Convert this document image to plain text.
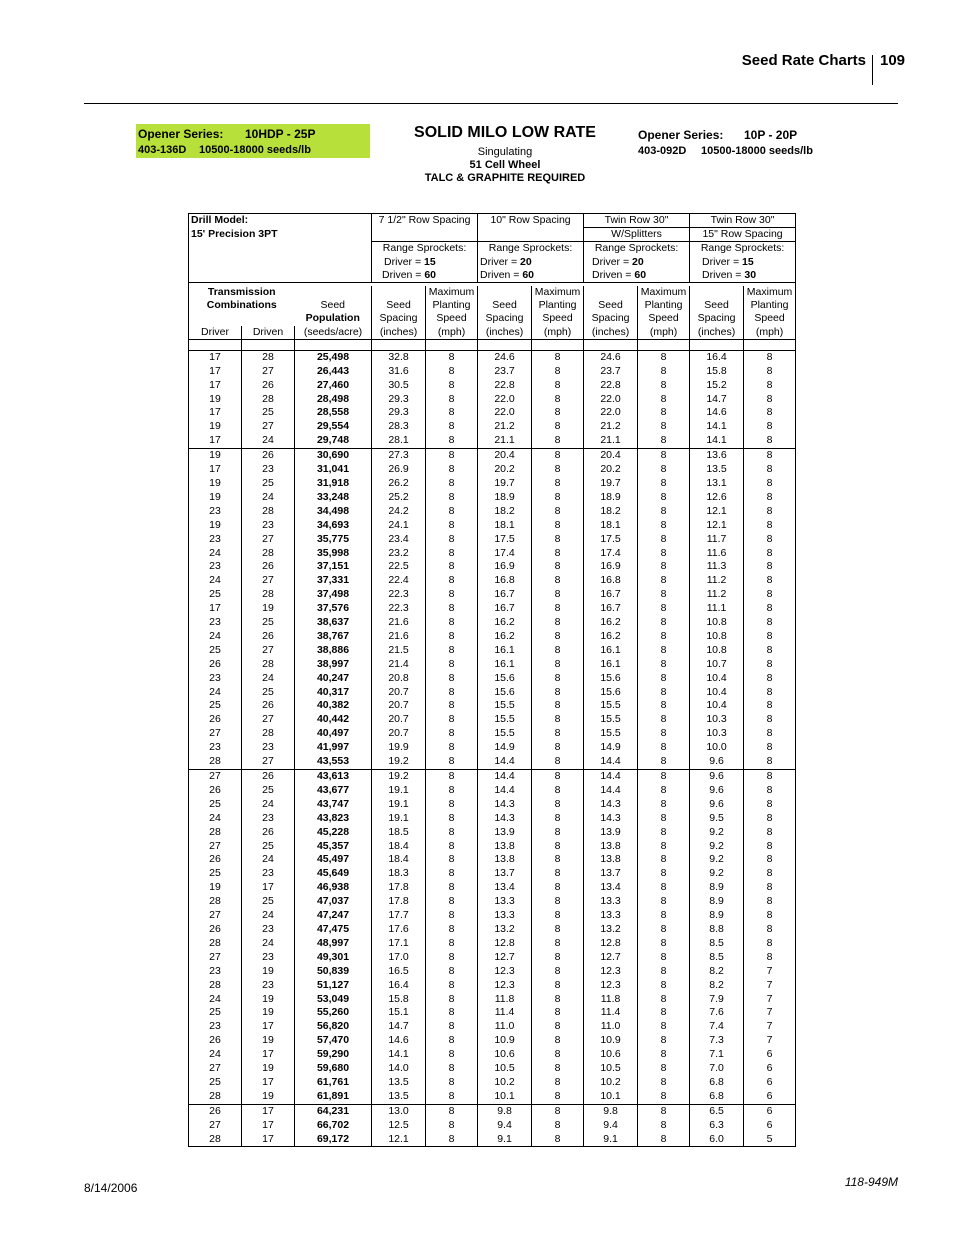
Seed Rate Charts 109
Opener Series: 10HDP - 25P
403-136D 10500-18000 seeds/lb
SOLID MILO LOW RATE
Singulating
51 Cell Wheel
TALC & GRAPHITE REQUIRED
Opener Series: 10P - 20P
403-092D 10500-18000 seeds/lb
Drill Model:			7 1/2" Row Spacing		10" Row Spacing		Twin Row 30"		Twin Row 30"	
15' Precision 3PT							W/Splitters		15" Row Spacing	
			Range Sprockets:		Range Sprockets:		Range Sprockets:		Range Sprockets:	
			Driver = 15		Driver = 20		Driver = 20		Driver = 15	
			Driven = 60		Driven = 60		Driven = 60		Driven = 30	

Transmission				Maximum		Maximum		Maximum		Maximum
Combinations		Seed	Seed	Planting	Seed	Planting	Seed	Planting	Seed	Planting
		Population	Spacing	Speed	Spacing	Speed	Spacing	Speed	Spacing	Speed
Driver	Driven	(seeds/acre)	(inches)	(mph)	(inches)	(mph)	(inches)	(mph)	(inches)	(mph)

17	28	25,498	32.8	8	24.6	8	24.6	8	16.4	8
17	27	26,443	31.6	8	23.7	8	23.7	8	15.8	8
17	26	27,460	30.5	8	22.8	8	22.8	8	15.2	8
19	28	28,498	29.3	8	22.0	8	22.0	8	14.7	8
17	25	28,558	29.3	8	22.0	8	22.0	8	14.6	8
19	27	29,554	28.3	8	21.2	8	21.2	8	14.1	8
17	24	29,748	28.1	8	21.1	8	21.1	8	14.1	8
19	26	30,690	27.3	8	20.4	8	20.4	8	13.6	8
17	23	31,041	26.9	8	20.2	8	20.2	8	13.5	8
19	25	31,918	26.2	8	19.7	8	19.7	8	13.1	8
19	24	33,248	25.2	8	18.9	8	18.9	8	12.6	8
23	28	34,498	24.2	8	18.2	8	18.2	8	12.1	8
19	23	34,693	24.1	8	18.1	8	18.1	8	12.1	8
23	27	35,775	23.4	8	17.5	8	17.5	8	11.7	8
24	28	35,998	23.2	8	17.4	8	17.4	8	11.6	8
23	26	37,151	22.5	8	16.9	8	16.9	8	11.3	8
24	27	37,331	22.4	8	16.8	8	16.8	8	11.2	8
25	28	37,498	22.3	8	16.7	8	16.7	8	11.2	8
17	19	37,576	22.3	8	16.7	8	16.7	8	11.1	8
23	25	38,637	21.6	8	16.2	8	16.2	8	10.8	8
24	26	38,767	21.6	8	16.2	8	16.2	8	10.8	8
25	27	38,886	21.5	8	16.1	8	16.1	8	10.8	8
26	28	38,997	21.4	8	16.1	8	16.1	8	10.7	8
23	24	40,247	20.8	8	15.6	8	15.6	8	10.4	8
24	25	40,317	20.7	8	15.6	8	15.6	8	10.4	8
25	26	40,382	20.7	8	15.5	8	15.5	8	10.4	8
26	27	40,442	20.7	8	15.5	8	15.5	8	10.3	8
27	28	40,497	20.7	8	15.5	8	15.5	8	10.3	8
23	23	41,997	19.9	8	14.9	8	14.9	8	10.0	8
28	27	43,553	19.2	8	14.4	8	14.4	8	9.6	8
27	26	43,613	19.2	8	14.4	8	14.4	8	9.6	8
26	25	43,677	19.1	8	14.4	8	14.4	8	9.6	8
25	24	43,747	19.1	8	14.3	8	14.3	8	9.6	8
24	23	43,823	19.1	8	14.3	8	14.3	8	9.5	8
28	26	45,228	18.5	8	13.9	8	13.9	8	9.2	8
27	25	45,357	18.4	8	13.8	8	13.8	8	9.2	8
26	24	45,497	18.4	8	13.8	8	13.8	8	9.2	8
25	23	45,649	18.3	8	13.7	8	13.7	8	9.2	8
19	17	46,938	17.8	8	13.4	8	13.4	8	8.9	8
28	25	47,037	17.8	8	13.3	8	13.3	8	8.9	8
27	24	47,247	17.7	8	13.3	8	13.3	8	8.9	8
26	23	47,475	17.6	8	13.2	8	13.2	8	8.8	8
28	24	48,997	17.1	8	12.8	8	12.8	8	8.5	8
27	23	49,301	17.0	8	12.7	8	12.7	8	8.5	8
23	19	50,839	16.5	8	12.3	8	12.3	8	8.2	7
28	23	51,127	16.4	8	12.3	8	12.3	8	8.2	7
24	19	53,049	15.8	8	11.8	8	11.8	8	7.9	7
25	19	55,260	15.1	8	11.4	8	11.4	8	7.6	7
23	17	56,820	14.7	8	11.0	8	11.0	8	7.4	7
26	19	57,470	14.6	8	10.9	8	10.9	8	7.3	7
24	17	59,290	14.1	8	10.6	8	10.6	8	7.1	6
27	19	59,680	14.0	8	10.5	8	10.5	8	7.0	6
25	17	61,761	13.5	8	10.2	8	10.2	8	6.8	6
28	19	61,891	13.5	8	10.1	8	10.1	8	6.8	6
26	17	64,231	13.0	8	9.8	8	9.8	8	6.5	6
27	17	66,702	12.5	8	9.4	8	9.4	8	6.3	6
28	17	69,172	12.1	8	9.1	8	9.1	8	6.0	5
8/14/2006	118-949M
